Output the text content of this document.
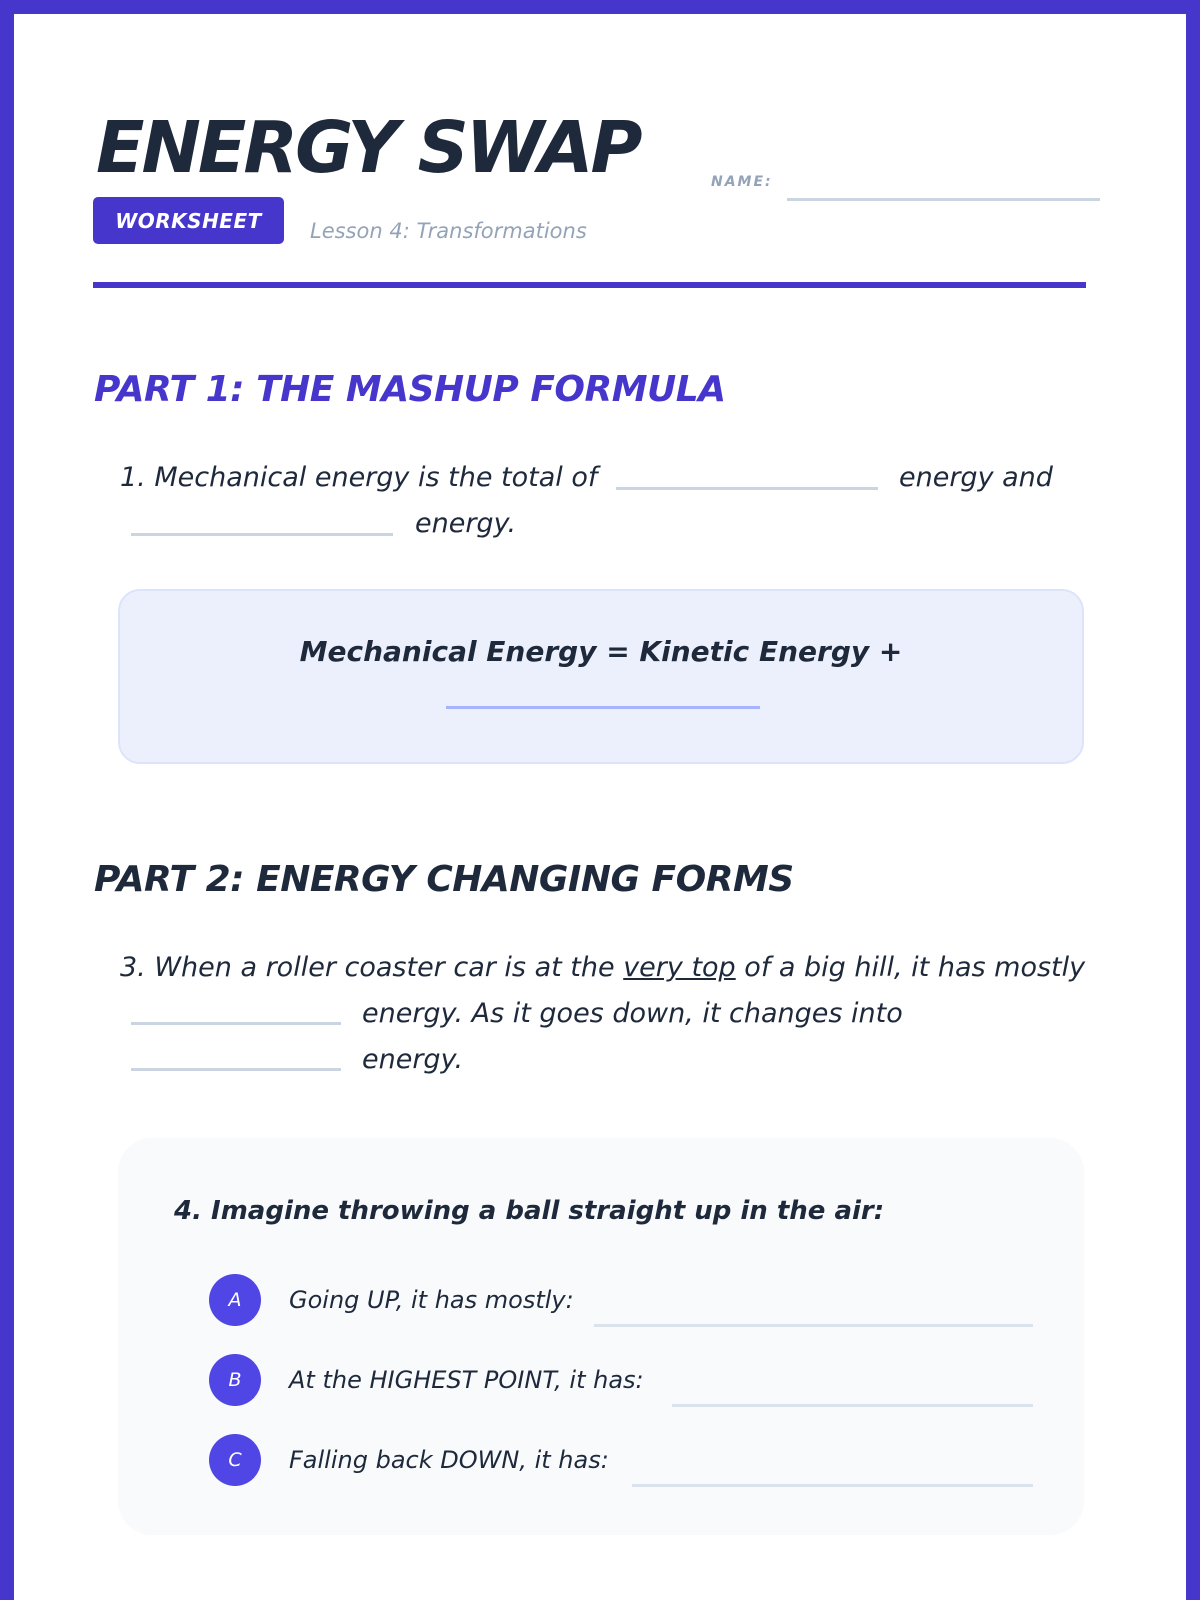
ENERGY SWAP	NAME:
WORKSHEET	Lesson 4: Transformations
PART 1: THE MASHUP FORMULA
1. Mechanical energy is the total of	energy and
energy.
Mechanical Energy = Kinetic Energy +
PART 2: ENERGY CHANGING FORMS
3. When a roller coaster car is at the very top of a big hill, it has mostly
energy. As it goes down, it changes into
energy.
4. Imagine throwing a ball straight up in the air:
A	Going UP, it has mostly:
B	At the HIGHEST POINT, it has:
C	Falling back DOWN, it has:
